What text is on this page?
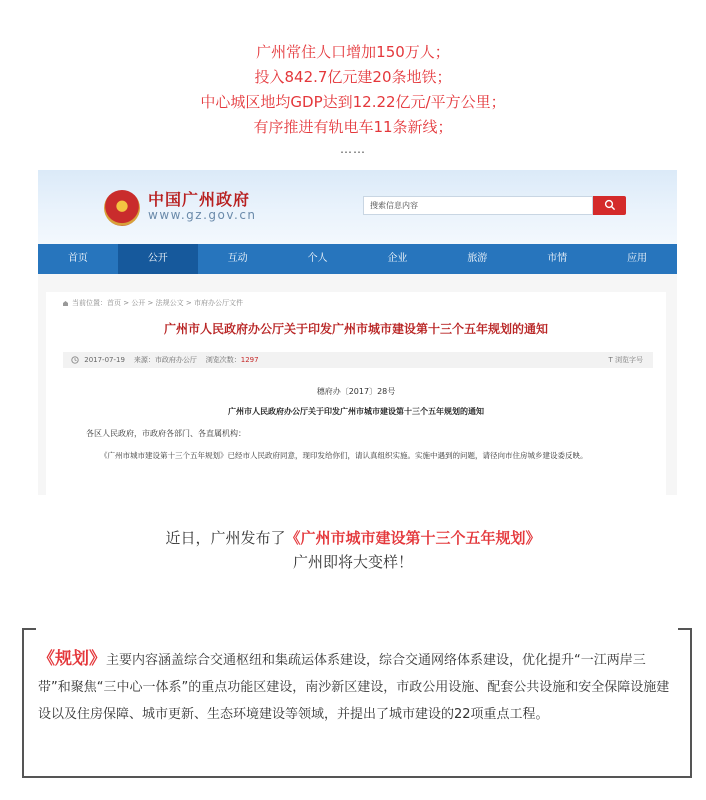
广州常住人口增加150万人；
投入842.7亿元建20条地铁；
中心城区地均GDP达到12.22亿元/平方公里；
有序推进有轨电车11条新线；
……
中国广州政府
www.gz.gov.cn
搜索信息内容
首页	公开	互动	个人	企业	旅游	市情	应用
当前位置：首页 > 公开 > 法规公文 > 市府办公厅文件
广州市人民政府办公厅关于印发广州市城市建设第十三个五年规划的通知
2017-07-19 来源：市政府办公厅 浏览次数：1297	T 浏览字号
穗府办〔2017〕28号
广州市人民政府办公厅关于印发广州市城市建设第十三个五年规划的通知
各区人民政府，市政府各部门、各直属机构：
《广州市城市建设第十三个五年规划》已经市人民政府同意，现印发给你们，请认真组织实施。实施中遇到的问题，请径向市住房城乡建设委反映。
近日，广州发布了《广州市城市建设第十三个五年规划》
广州即将大变样！
《规划》主要内容涵盖综合交通枢纽和集疏运体系建设，综合交通网络体系建设，优化提升“一江两岸三带”和聚焦“三中心一体系”的重点功能区建设，南沙新区建设，市政公用设施、配套公共设施和安全保障设施建设以及住房保障、城市更新、生态环境建设等领域，并提出了城市建设的22项重点工程。
